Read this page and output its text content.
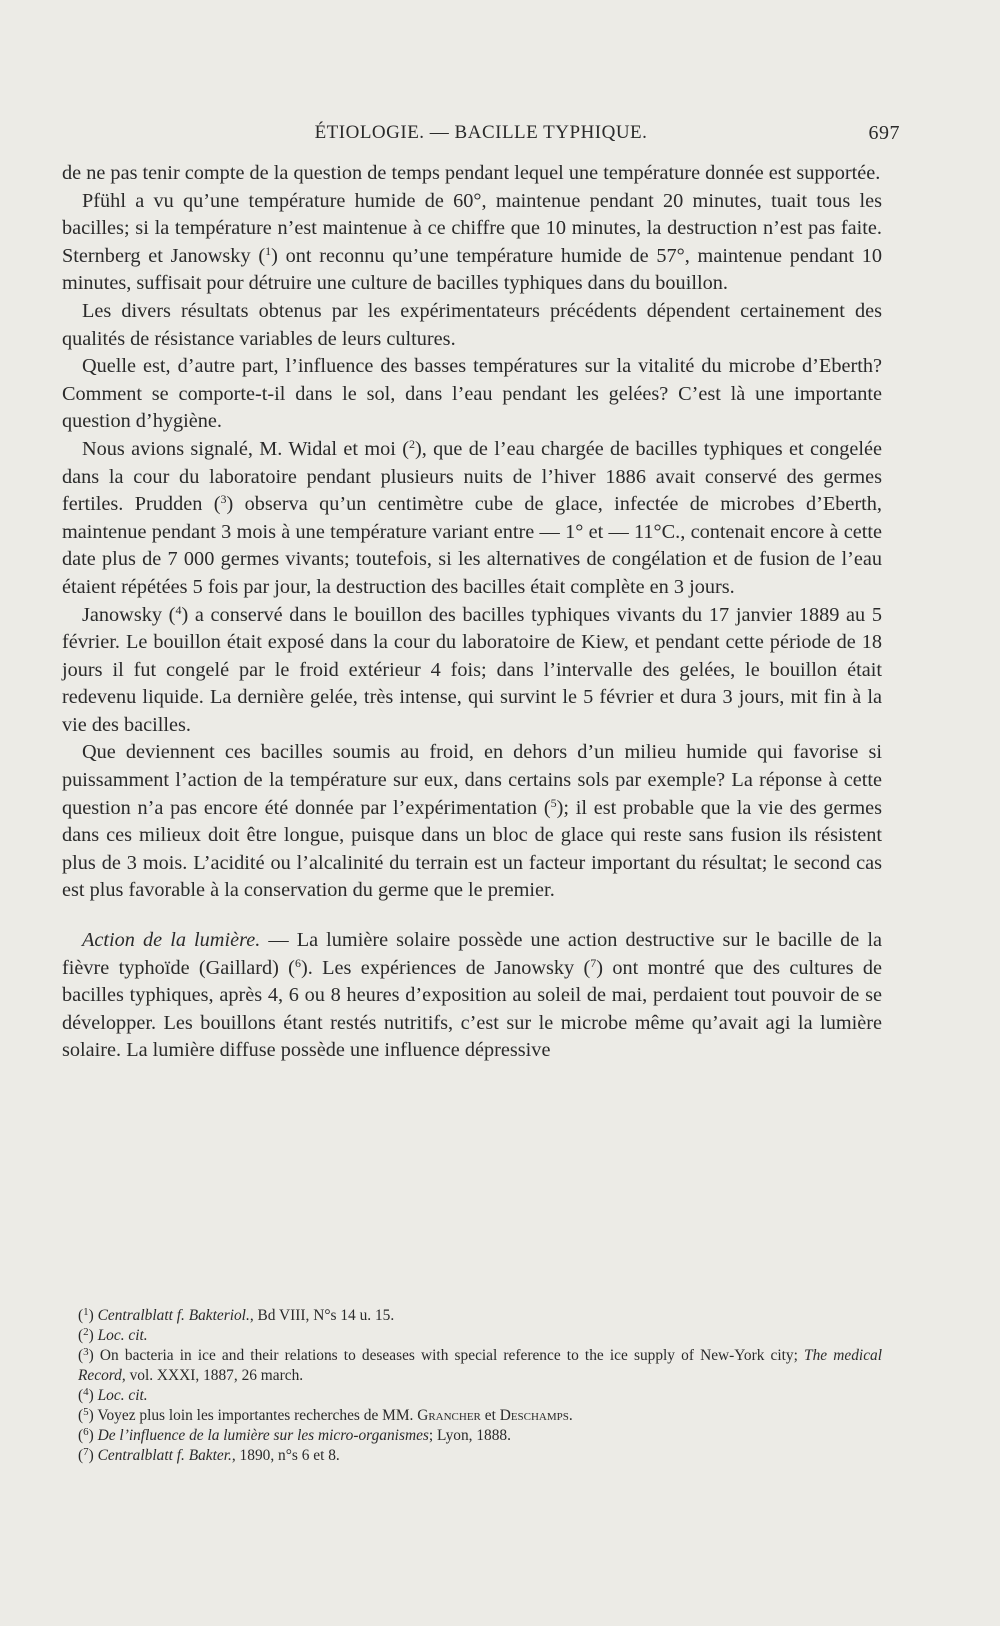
ÉTIOLOGIE. — BACILLE TYPHIQUE.	697

de ne pas tenir compte de la question de temps pendant lequel une température donnée est supportée.

Pfühl a vu qu’une température humide de 60°, maintenue pendant 20 minutes, tuait tous les bacilles; si la température n’est maintenue à ce chiffre que 10 minutes, la destruction n’est pas faite. Sternberg et Janowsky ($^1$) ont reconnu qu’une température humide de 57°, maintenue pendant 10 minutes, suffisait pour détruire une culture de bacilles typhiques dans du bouillon.

Les divers résultats obtenus par les expérimentateurs précédents dépendent certainement des qualités de résistance variables de leurs cultures.

Quelle est, d’autre part, l’influence des basses températures sur la vitalité du microbe d’Eberth? Comment se comporte-t-il dans le sol, dans l’eau pendant les gelées? C’est là une importante question d’hygiène.

Nous avions signalé, M. Widal et moi ($^2$), que de l’eau chargée de bacilles typhiques et congelée dans la cour du laboratoire pendant plusieurs nuits de l’hiver 1886 avait conservé des germes fertiles. Prudden ($^3$) observa qu’un centimètre cube de glace, infectée de microbes d’Eberth, maintenue pendant 3 mois à une température variant entre — 1° et — 11°C., contenait encore à cette date plus de 7 000 germes vivants; toutefois, si les alternatives de congélation et de fusion de l’eau étaient répétées 5 fois par jour, la destruction des bacilles était complète en 3 jours.

Janowsky ($^4$) a conservé dans le bouillon des bacilles typhiques vivants du 17 janvier 1889 au 5 février. Le bouillon était exposé dans la cour du laboratoire de Kiew, et pendant cette période de 18 jours il fut congelé par le froid extérieur 4 fois; dans l’intervalle des gelées, le bouillon était redevenu liquide. La dernière gelée, très intense, qui survint le 5 février et dura 3 jours, mit fin à la vie des bacilles.

Que deviennent ces bacilles soumis au froid, en dehors d’un milieu humide qui favorise si puissamment l’action de la température sur eux, dans certains sols par exemple? La réponse à cette question n’a pas encore été donnée par l’expérimentation ($^5$); il est probable que la vie des germes dans ces milieux doit être longue, puisque dans un bloc de glace qui reste sans fusion ils résistent plus de 3 mois. L’acidité ou l’alcalinité du terrain est un facteur important du résultat; le second cas est plus favorable à la conservation du germe que le premier.

Action de la lumière. — La lumière solaire possède une action destructive sur le bacille de la fièvre typhoïde (Gaillard) ($^6$). Les expériences de Janowsky ($^7$) ont montré que des cultures de bacilles typhiques, après 4, 6 ou 8 heures d’exposition au soleil de mai, perdaient tout pouvoir de se développer. Les bouillons étant restés nutritifs, c’est sur le microbe même qu’avait agi la lumière solaire. La lumière diffuse possède une influence dépressive

($^1$) Centralblatt f. Bakteriol., Bd VIII, N°s 14 u. 15.
($^2$) Loc. cit.
($^3$) On bacteria in ice and their relations to deseases with special reference to the ice supply of New-York city; The medical Record, vol. XXXI, 1887, 26 march.
($^4$) Loc. cit.
($^5$) Voyez plus loin les importantes recherches de MM. Grancher et Deschamps.
($^6$) De l’influence de la lumière sur les micro-organismes; Lyon, 1888.
($^7$) Centralblatt f. Bakter., 1890, n°s 6 et 8.
